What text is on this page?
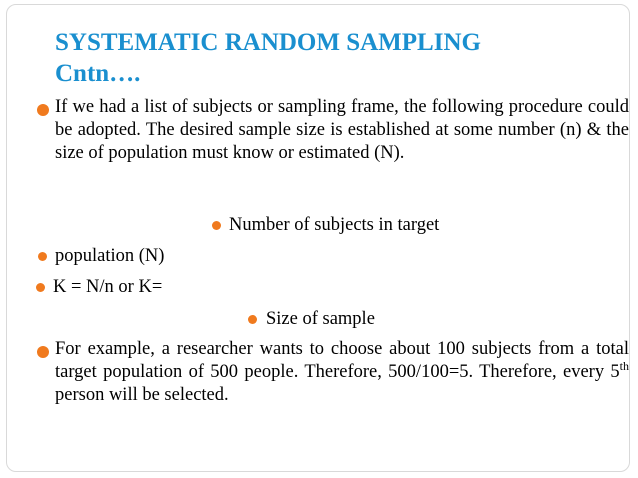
SYSTEMATIC RANDOM SAMPLING
Cntn….

If we had a list of subjects or sampling frame, the following procedure could be adopted. The desired sample size is established at some number (n) & the size of population must know or estimated (N).

Number of subjects in target

population (N)

K = N/n or K=

Size of sample

For example, a researcher wants to choose about 100 subjects from a total target population of 500 people. Therefore, 500/100=5. Therefore, every 5th person will be selected.
